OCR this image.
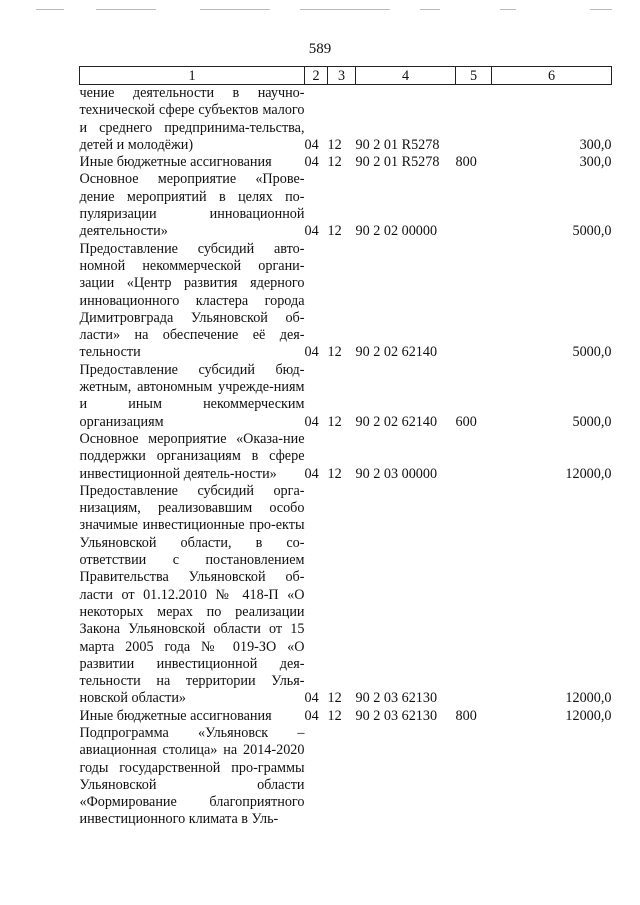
589
1	2	3	4	5	6
чение деятельности в научно-технической сфере субъектов малого и среднего предпринима-тельства, детей и молодёжи)	04	12	90 2 01 R5278		300,0
Иные бюджетные ассигнования	04	12	90 2 01 R5278	800	300,0
Основное мероприятие «Прове-дение мероприятий в целях по-пуляризации инновационной деятельности»	04	12	90 2 02 00000		5000,0
Предоставление субсидий авто-номной некоммерческой органи-зации «Центр развития ядерного инновационного кластера города Димитровграда Ульяновской об-ласти» на обеспечение её дея-тельности	04	12	90 2 02 62140		5000,0
Предоставление субсидий бюд-жетным, автономным учрежде-ниям и иным некоммерческим организациям	04	12	90 2 02 62140	600	5000,0
Основное мероприятие «Оказа-ние поддержки организациям в сфере инвестиционной деятель-ности»	04	12	90 2 03 00000		12000,0
Предоставление субсидий орга-низациям, реализовавшим особо значимые инвестиционные про-екты Ульяновской области, в со-ответствии с постановлением Правительства Ульяновской об-ласти от 01.12.2010 № 418-П «О некоторых мерах по реализации Закона Ульяновской области от 15 марта 2005 года № 019-ЗО «О развитии инвестиционной дея-тельности на территории Улья-новской области»	04	12	90 2 03 62130		12000,0
Иные бюджетные ассигнования	04	12	90 2 03 62130	800	12000,0
Подпрограмма «Ульяновск – авиационная столица» на 2014-2020 годы государственной про-граммы Ульяновской области «Формирование благоприятного инвестиционного климата в Уль-					
